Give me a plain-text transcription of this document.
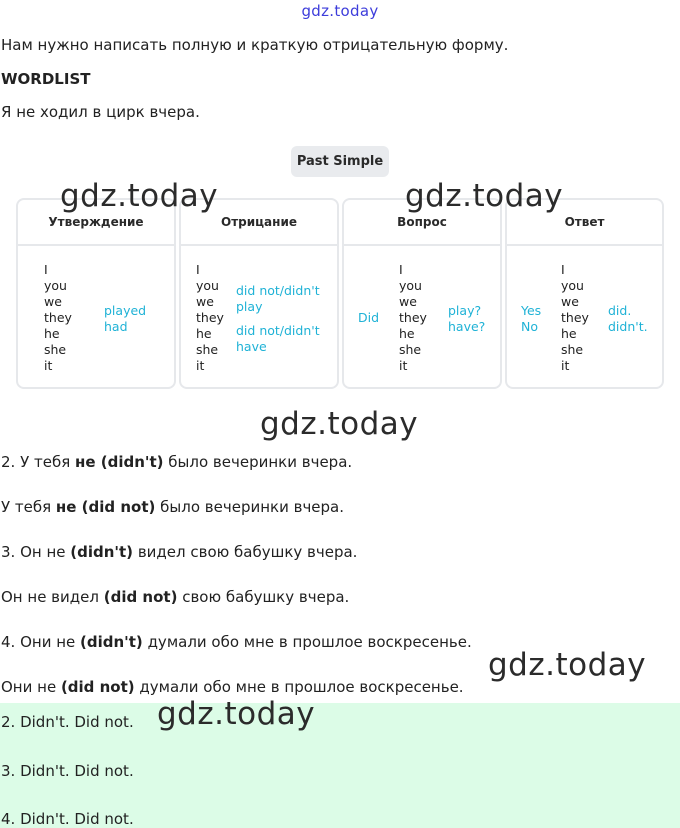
gdz.today
Нам нужно написать полную и краткую отрицательную форму.
WORDLIST
Я не ходил в цирк вчера.
Past Simple
Утверждение
I
you
we
they
he
she
it
played
had
Отрицание
I
you
we
they
he
she
it
did not/didn't
play
did not/didn't
have
Вопрос
Did
I
you
we
they
he
she
it
play?
have?
Ответ
Yes
No
I
you
we
they
he
she
it
did.
didn't.
gdz.today	gdz.today
gdz.today
2. У тебя не (didn't) было вечеринки вчера.
У тебя не (did not) было вечеринки вчера.
3. Он не (didn't) видел свою бабушку вчера.
Он не видел (did not) свою бабушку вчера.
4. Они не (didn't) думали обо мне в прошлое воскресенье.
Они не (did not) думали обо мне в прошлое воскресенье.
2. Didn't. Did not.
3. Didn't. Did not.
4. Didn't. Did not.
gdz.today
gdz.today
